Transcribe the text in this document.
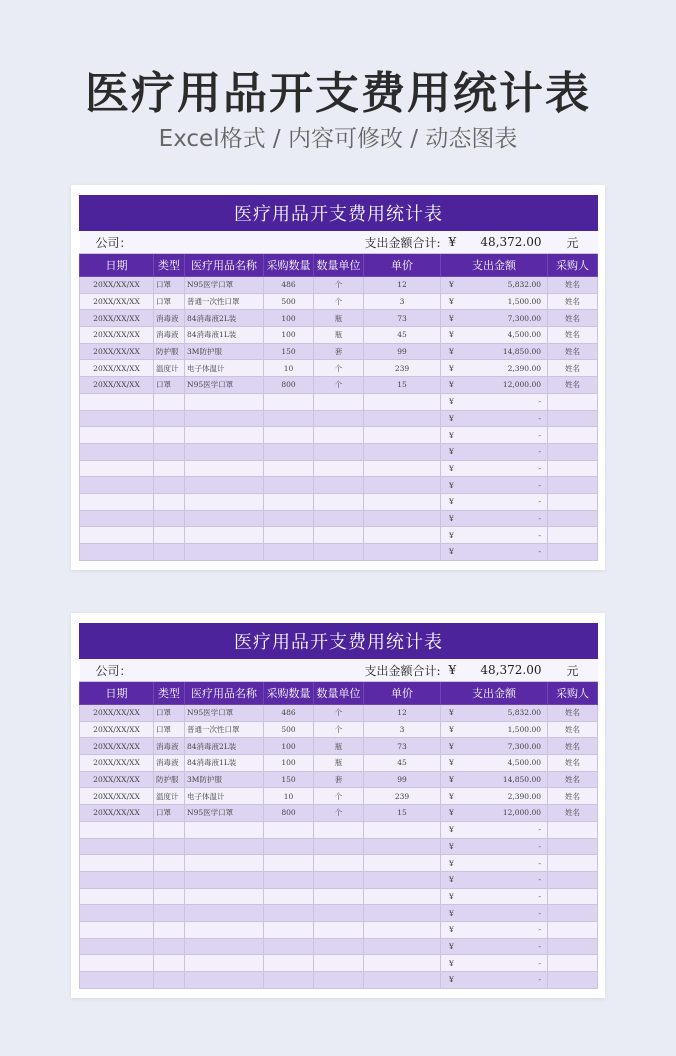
医疗用品开支费用统计表
Excel格式 / 内容可修改 / 动态图表
医疗用品开支费用统计表							
公司：			支出金额合计:			¥ 48,372.00	元
日期	类型	医疗用品名称	采购数量	数量单位	单价	支出金额	采购人
20XX/XX/XX	口罩	N95医学口罩	486	个	12	¥ 5,832.00	姓名
20XX/XX/XX	口罩	普通一次性口罩	500	个	3	¥ 1,500.00	姓名
20XX/XX/XX	消毒液	84消毒液2L装	100	瓶	73	¥ 7,300.00	姓名
20XX/XX/XX	消毒液	84消毒液1L装	100	瓶	45	¥ 4,500.00	姓名
20XX/XX/XX	防护服	3M防护服	150	套	99	¥ 14,850.00	姓名
20XX/XX/XX	温度计	电子体温计	10	个	239	¥ 2,390.00	姓名
20XX/XX/XX	口罩	N95医学口罩	800	个	15	¥ 12,000.00	姓名

						¥ -	

						¥ -	

						¥ -	

						¥ -	

						¥ -	

						¥ -	

						¥ -	

						¥ -	

						¥ -	

						¥ -	

医疗用品开支费用统计表							
公司：			支出金额合计:			¥ 48,372.00	元
日期	类型	医疗用品名称	采购数量	数量单位	单价	支出金额	采购人
20XX/XX/XX	口罩	N95医学口罩	486	个	12	¥ 5,832.00	姓名
20XX/XX/XX	口罩	普通一次性口罩	500	个	3	¥ 1,500.00	姓名
20XX/XX/XX	消毒液	84消毒液2L装	100	瓶	73	¥ 7,300.00	姓名
20XX/XX/XX	消毒液	84消毒液1L装	100	瓶	45	¥ 4,500.00	姓名
20XX/XX/XX	防护服	3M防护服	150	套	99	¥ 14,850.00	姓名
20XX/XX/XX	温度计	电子体温计	10	个	239	¥ 2,390.00	姓名
20XX/XX/XX	口罩	N95医学口罩	800	个	15	¥ 12,000.00	姓名

						¥ -	

						¥ -	

						¥ -	

						¥ -	

						¥ -	

						¥ -	

						¥ -	

						¥ -	

						¥ -	

						¥ -	
